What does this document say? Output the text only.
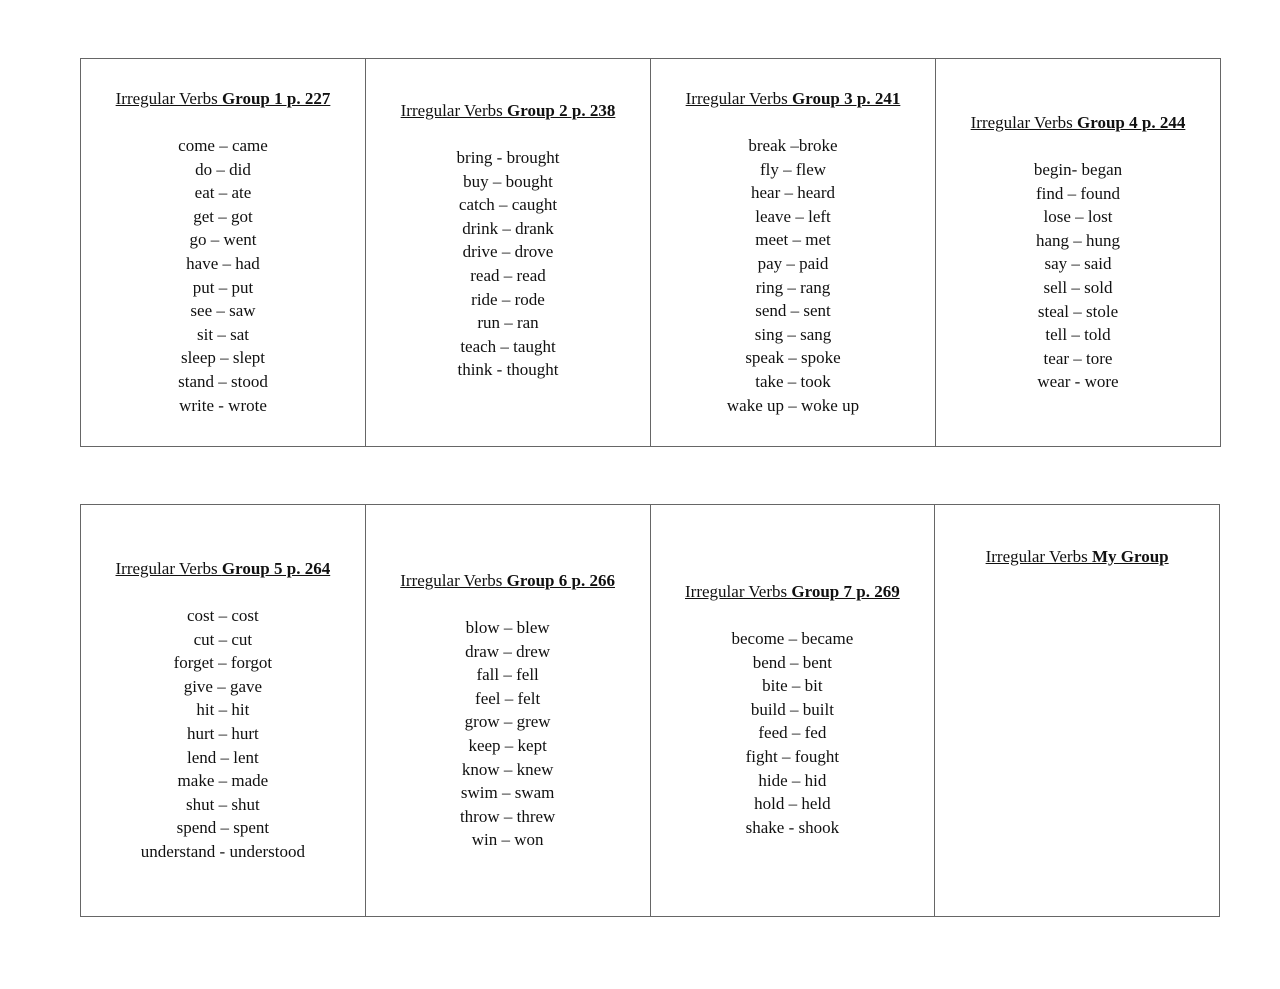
Irregular Verbs Group 1 p. 227
come – came
do – did
eat – ate
get – got
go – went
have – had
put – put
see – saw
sit – sat
sleep – slept
stand – stood
write - wrote
Irregular Verbs Group 2 p. 238
bring - brought
buy – bought
catch – caught
drink – drank
drive – drove
read – read
ride – rode
run – ran
teach – taught
think - thought
Irregular Verbs Group 3 p. 241
break –broke
fly – flew
hear – heard
leave – left
meet – met
pay – paid
ring – rang
send – sent
sing – sang
speak – spoke
take – took
wake up – woke up
Irregular Verbs Group 4 p. 244
begin- began
find – found
lose – lost
hang – hung
say – said
sell – sold
steal – stole
tell – told
tear – tore
wear - wore
Irregular Verbs Group 5 p. 264
cost – cost
cut – cut
forget – forgot
give – gave
hit – hit
hurt – hurt
lend – lent
make – made
shut – shut
spend – spent
understand - understood
Irregular Verbs Group 6 p. 266
blow – blew
draw – drew
fall – fell
feel – felt
grow – grew
keep – kept
know – knew
swim – swam
throw – threw
win – won
Irregular Verbs Group 7 p. 269
become – became
bend – bent
bite – bit
build – built
feed – fed
fight – fought
hide – hid
hold – held
shake - shook
Irregular Verbs My Group
